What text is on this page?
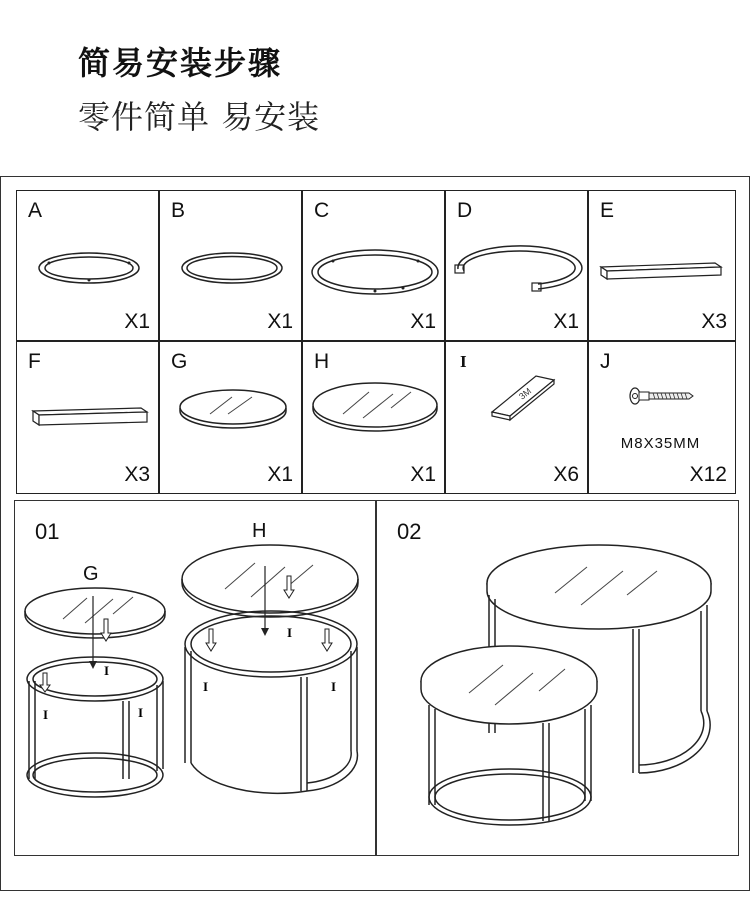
简易安装步骤
零件简单 易安装
A
X1
B
X1
C
X1
D
X1
E
X3
F
X3
G
X1
H
X1
I
3M
X6
J
M8X35MM
X12
01
G
H
I
I	I
I
I	I
02
